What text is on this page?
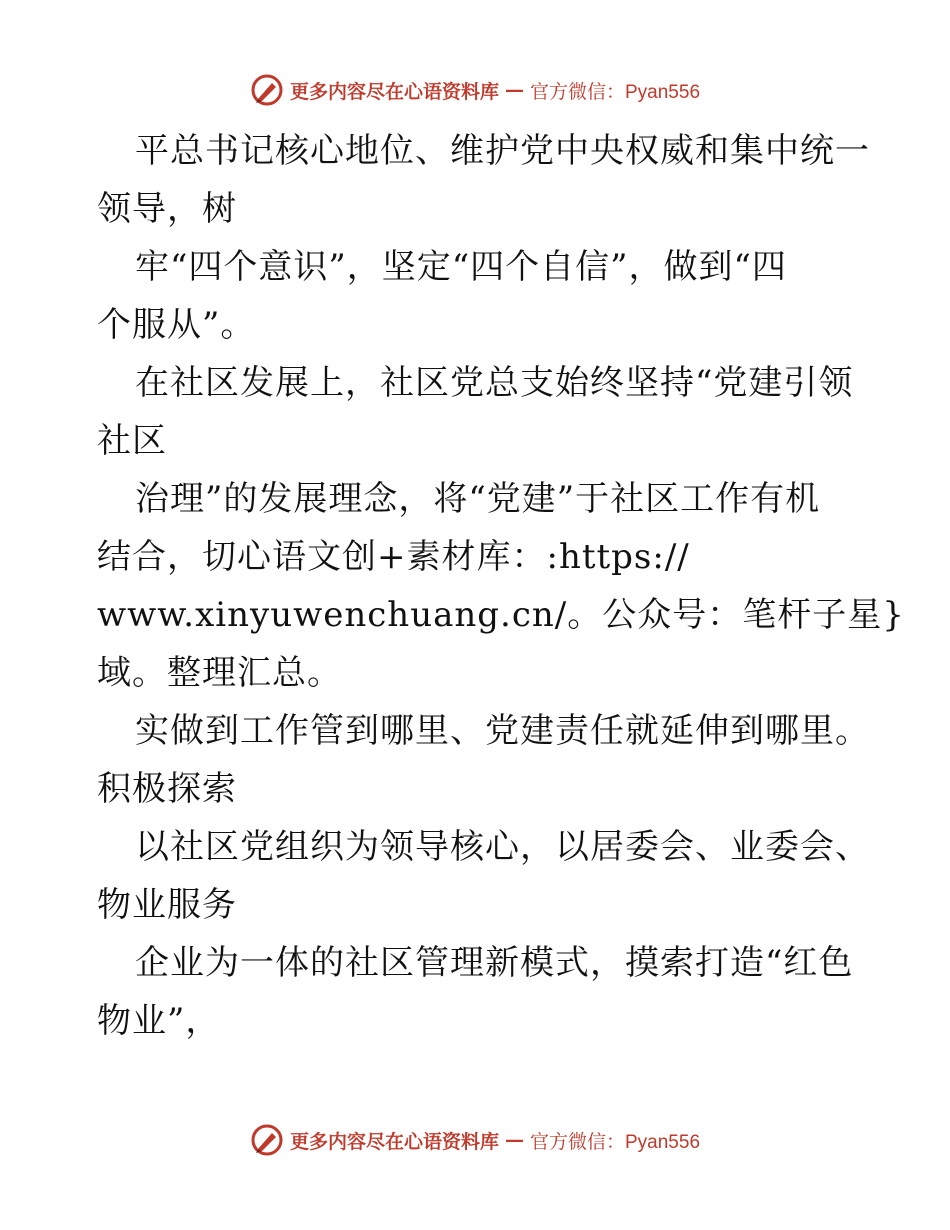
更多内容尽在心语资料库 — 官方微信：Pyan556
平总书记核心地位、维护党中央权威和集中统一
领导，树
牢“四个意识”，坚定“四个自信”，做到“四
个服从”。
在社区发展上，社区党总支始终坚持“党建引领
社区
治理”的发展理念，将“党建”于社区工作有机
结合，切心语文创+素材库：:https://
www.xinyuwenchuang.cn/。公众号：笔杆子星}
域。整理汇总。
实做到工作管到哪里、党建责任就延伸到哪里。
积极探索
以社区党组织为领导核心，以居委会、业委会、
物业服务
企业为一体的社区管理新模式，摸索打造“红色
物业”，
更多内容尽在心语资料库 — 官方微信：Pyan556
